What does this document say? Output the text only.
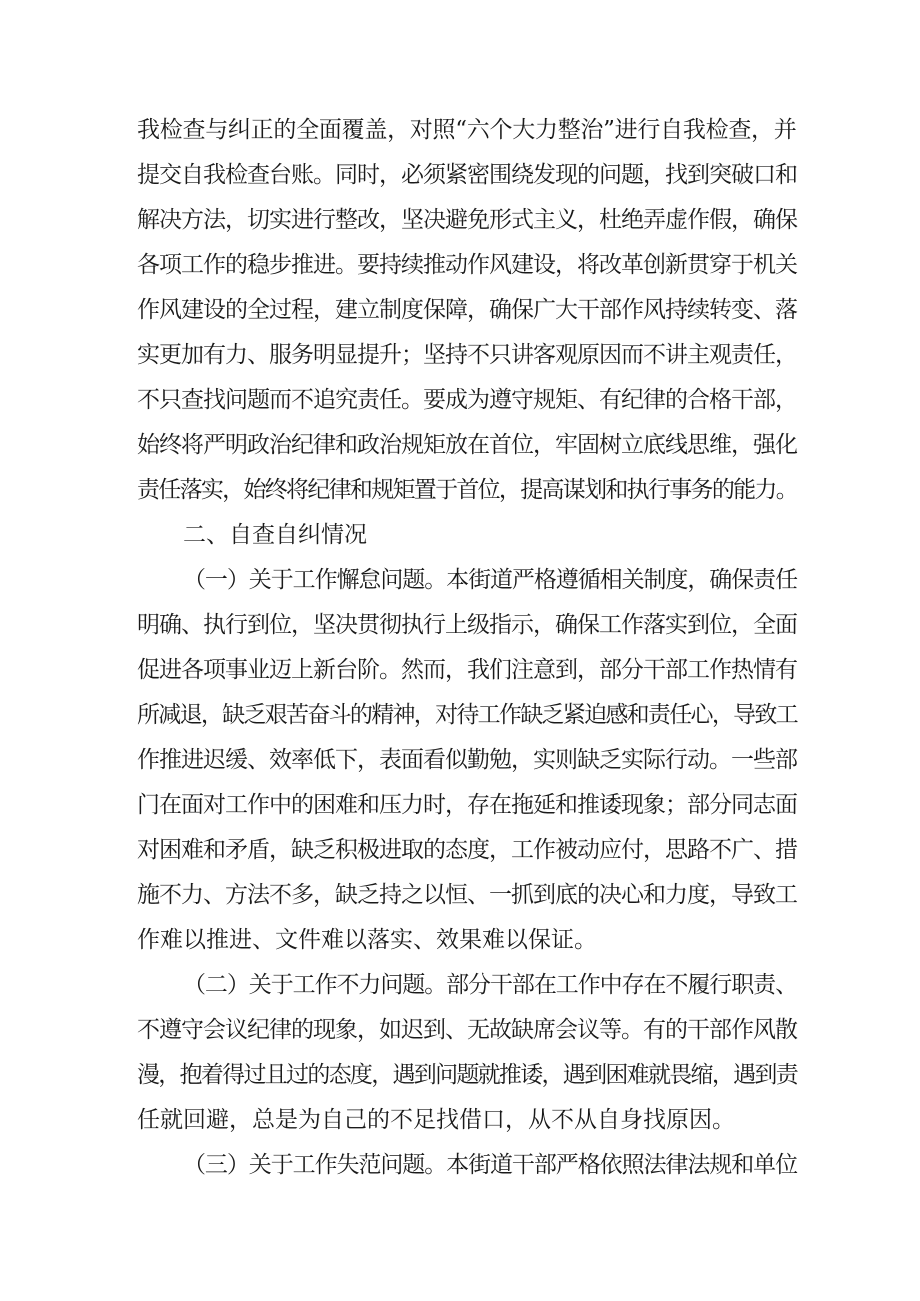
我检查与纠正的全面覆盖，对照“六个大力整治”进行自我检查，并
提交自我检查台账。同时，必须紧密围绕发现的问题，找到突破口和
解决方法，切实进行整改，坚决避免形式主义，杜绝弄虚作假，确保
各项工作的稳步推进。要持续推动作风建设，将改革创新贯穿于机关
作风建设的全过程，建立制度保障，确保广大干部作风持续转变、落
实更加有力、服务明显提升；坚持不只讲客观原因而不讲主观责任，
不只查找问题而不追究责任。要成为遵守规矩、有纪律的合格干部，
始终将严明政治纪律和政治规矩放在首位，牢固树立底线思维，强化
责任落实，始终将纪律和规矩置于首位，提高谋划和执行事务的能力。
二、自查自纠情况
（一）关于工作懈怠问题。本街道严格遵循相关制度，确保责任
明确、执行到位，坚决贯彻执行上级指示，确保工作落实到位，全面
促进各项事业迈上新台阶。然而，我们注意到，部分干部工作热情有
所减退，缺乏艰苦奋斗的精神，对待工作缺乏紧迫感和责任心，导致工
作推进迟缓、效率低下，表面看似勤勉，实则缺乏实际行动。一些部
门在面对工作中的困难和压力时，存在拖延和推诿现象；部分同志面
对困难和矛盾，缺乏积极进取的态度，工作被动应付，思路不广、措
施不力、方法不多，缺乏持之以恒、一抓到底的决心和力度，导致工
作难以推进、文件难以落实、效果难以保证。
（二）关于工作不力问题。部分干部在工作中存在不履行职责、
不遵守会议纪律的现象，如迟到、无故缺席会议等。有的干部作风散
漫，抱着得过且过的态度，遇到问题就推诿，遇到困难就畏缩，遇到责
任就回避，总是为自己的不足找借口，从不从自身找原因。
（三）关于工作失范问题。本街道干部严格依照法律法规和单位
